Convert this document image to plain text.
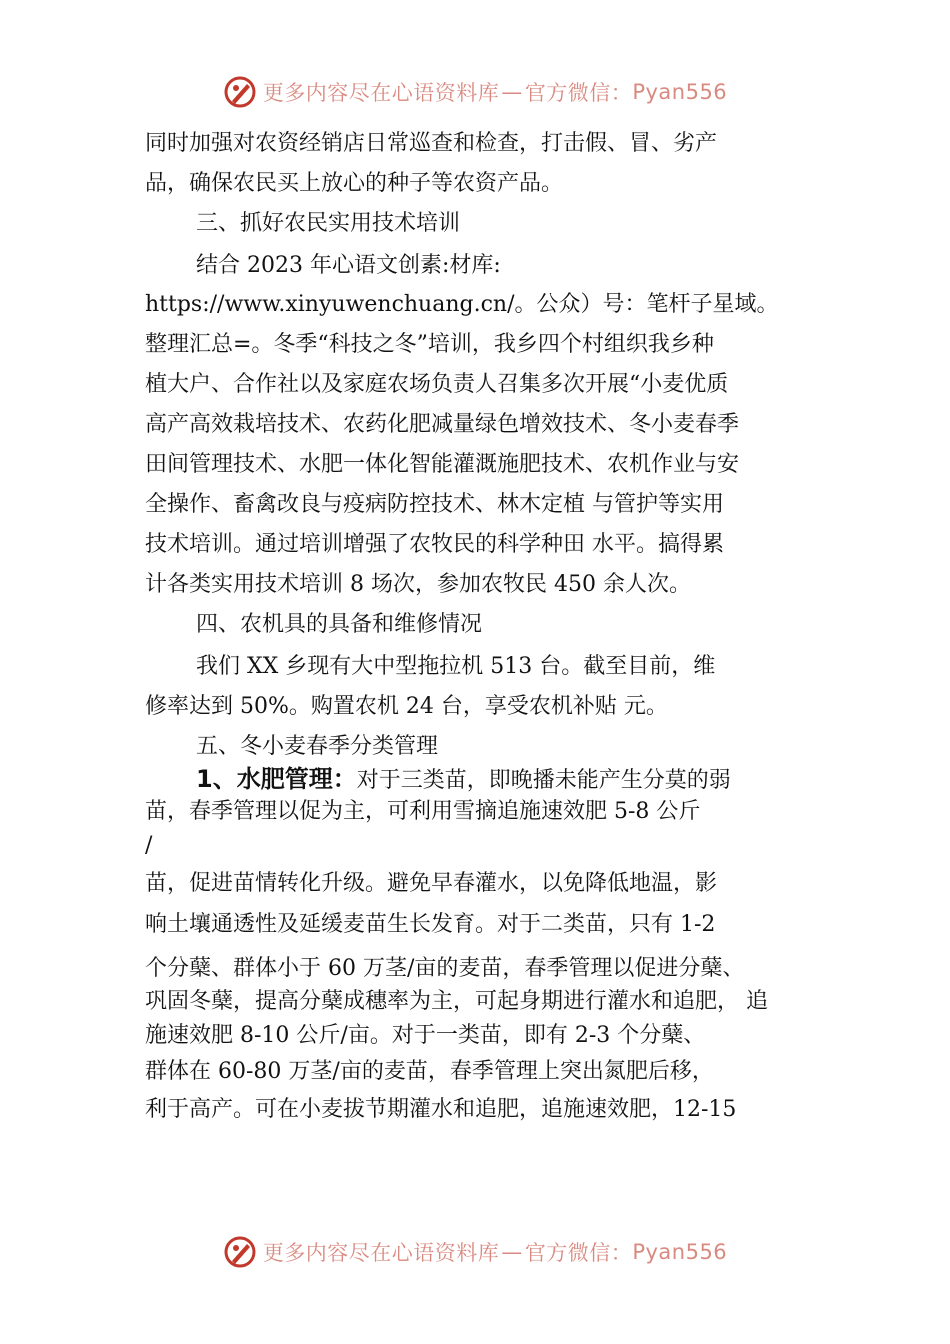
更多内容尽在心语资料库 — 官方微信： Pyan556
同时加强对农资经销店日常巡查和检查，打击假、冒、劣产
品，确保农民买上放心的种子等农资产品。
三、抓好农民实用技术培训
结合 2023 年心语文创素:材库:
https://www.xinyuwenchuang.cn/。公众）号：笔杆子星域。
整理汇总=。冬季“科技之冬”培训，我乡四个村组织我乡种
植大户、合作社以及家庭农场负责人召集多次开展“小麦优质
高产高效栽培技术、农药化肥减量绿色增效技术、冬小麦春季
田间管理技术、水肥一体化智能灌溉施肥技术、农机作业与安
全操作、畜禽改良与疫病防控技术、林木定植 与管护等实用
技术培训。通过培训增强了农牧民的科学种田 水平。搞得累
计各类实用技术培训 8 场次，参加农牧民 450 余人次。
四、农机具的具备和维修情况
我们 XX 乡现有大中型拖拉机 513 台。截至目前，维
修率达到 50%。购置农机 24 台，享受农机补贴 元。
五、冬小麦春季分类管理
1、水肥管理：对于三类苗，即晚播未能产生分莫的弱
苗，春季管理以促为主，可利用雪摘追施速效肥 5-8 公斤
/
苗，促进苗情转化升级。避免早春灌水，以免降低地温，影
响土壤通透性及延缓麦苗生长发育。对于二类苗，只有 1-2
个分蘖、群体小于 60 万茎/亩的麦苗，春季管理以促进分蘖、
巩固冬蘖，提高分蘖成穗率为主，可起身期进行灌水和追肥， 追
施速效肥 8-10 公斤/亩。对于一类苗，即有 2-3 个分蘖、
群体在 60-80 万茎/亩的麦苗，春季管理上突出氮肥后移，
利于高产。可在小麦拔节期灌水和追肥，追施速效肥，12-15
更多内容尽在心语资料库 — 官方微信： Pyan556
